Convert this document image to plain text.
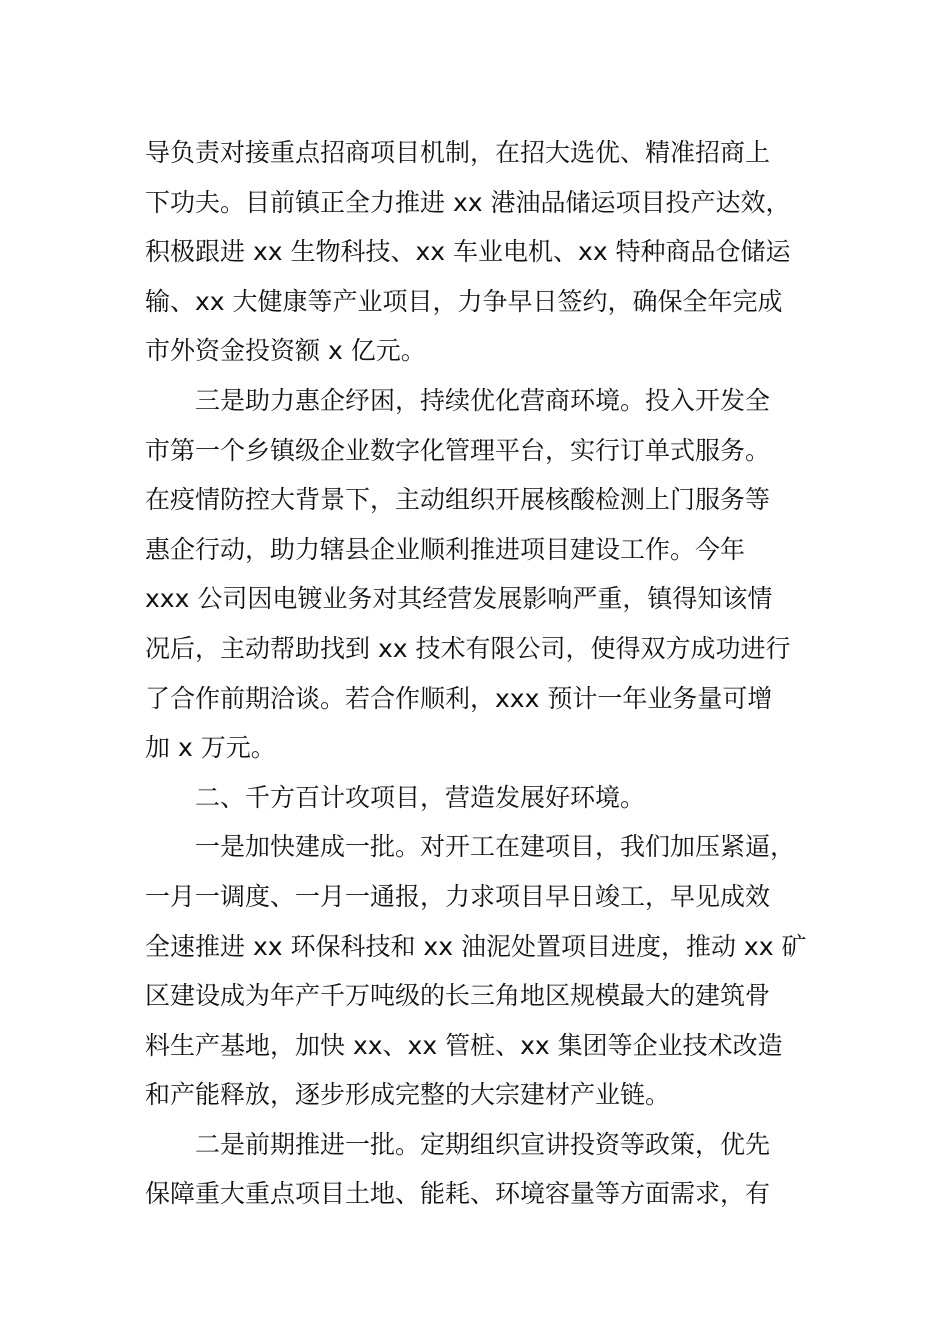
导负责对接重点招商项目机制，在招大选优、精准招商上
下功夫。目前镇正全力推进 xx 港油品储运项目投产达效，
积极跟进 xx 生物科技、xx 车业电机、xx 特种商品仓储运
输、xx 大健康等产业项目，力争早日签约，确保全年完成
市外资金投资额 x 亿元。
三是助力惠企纾困，持续优化营商环境。投入开发全
市第一个乡镇级企业数字化管理平台，实行订单式服务。
在疫情防控大背景下，主动组织开展核酸检测上门服务等
惠企行动，助力辖县企业顺利推进项目建设工作。今年
xxx 公司因电镀业务对其经营发展影响严重，镇得知该情
况后，主动帮助找到 xx 技术有限公司，使得双方成功进行
了合作前期洽谈。若合作顺利，xxx 预计一年业务量可增
加 x 万元。
二、千方百计攻项目，营造发展好环境。
一是加快建成一批。对开工在建项目，我们加压紧逼，
一月一调度、一月一通报，力求项目早日竣工，早见成效
全速推进 xx 环保科技和 xx 油泥处置项目进度，推动 xx 矿
区建设成为年产千万吨级的长三角地区规模最大的建筑骨
料生产基地，加快 xx、xx 管桩、xx 集团等企业技术改造
和产能释放，逐步形成完整的大宗建材产业链。
二是前期推进一批。定期组织宣讲投资等政策，优先
保障重大重点项目土地、能耗、环境容量等方面需求，有
